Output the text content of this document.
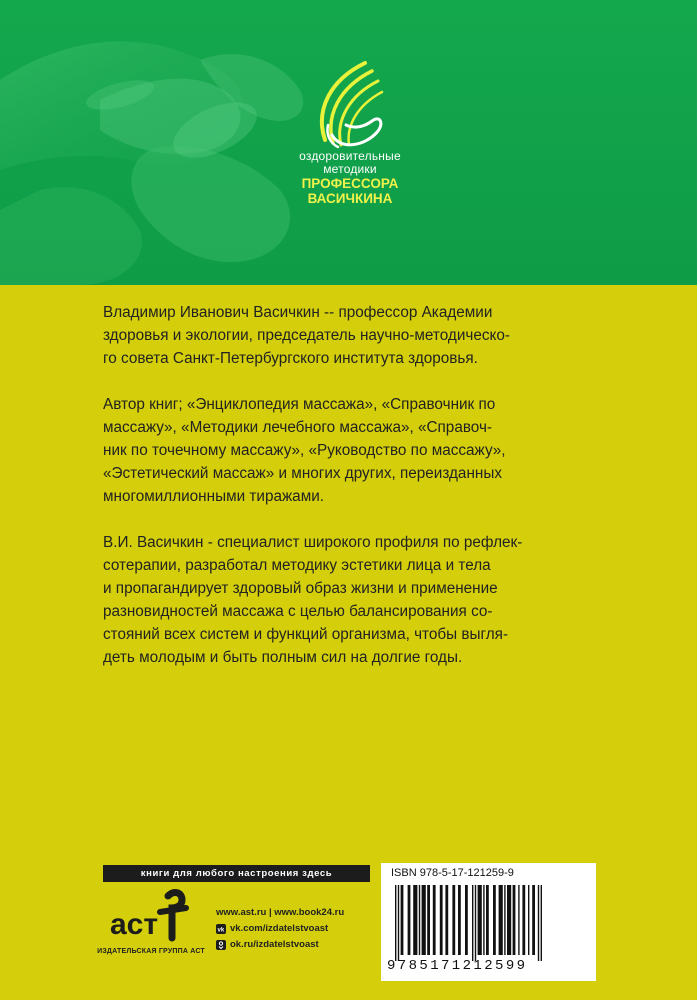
оздоровительные
методики
ПРОФЕССОРА
ВАСИЧКИНА

Владимир Иванович Васичкин -- профессор Академии
здоровья и экологии, председатель научно-методическо-
го совета Санкт-Петербургского института здоровья.

Автор книг; «Энциклопедия массажа», «Справочник по
массажу», «Методики лечебного массажа», «Справоч-
ник по точечному массажу», «Руководство по массажу»,
«Эстетический массаж» и многих других, переизданных
многомиллионными тиражами.

В.И. Васичкин - специалист широкого профиля по рефлек-
сотерапии, разработал методику эстетики лица и тела
и пропагандирует здоровый образ жизни и применение
разновидностей массажа с целью балансирования со-
стояний всех систем и функций организма, чтобы выгля-
деть молодым и быть полным сил на долгие годы.

книги для любого настроения здесь
аст
ИЗДАТЕЛЬСКАЯ ГРУППА АСТ
www.ast.ru | www.book24.ru
vk vk.com/izdatelstvoast
ok.ru/izdatelstvoast
ISBN 978-5-17-121259-9
9785171212599
